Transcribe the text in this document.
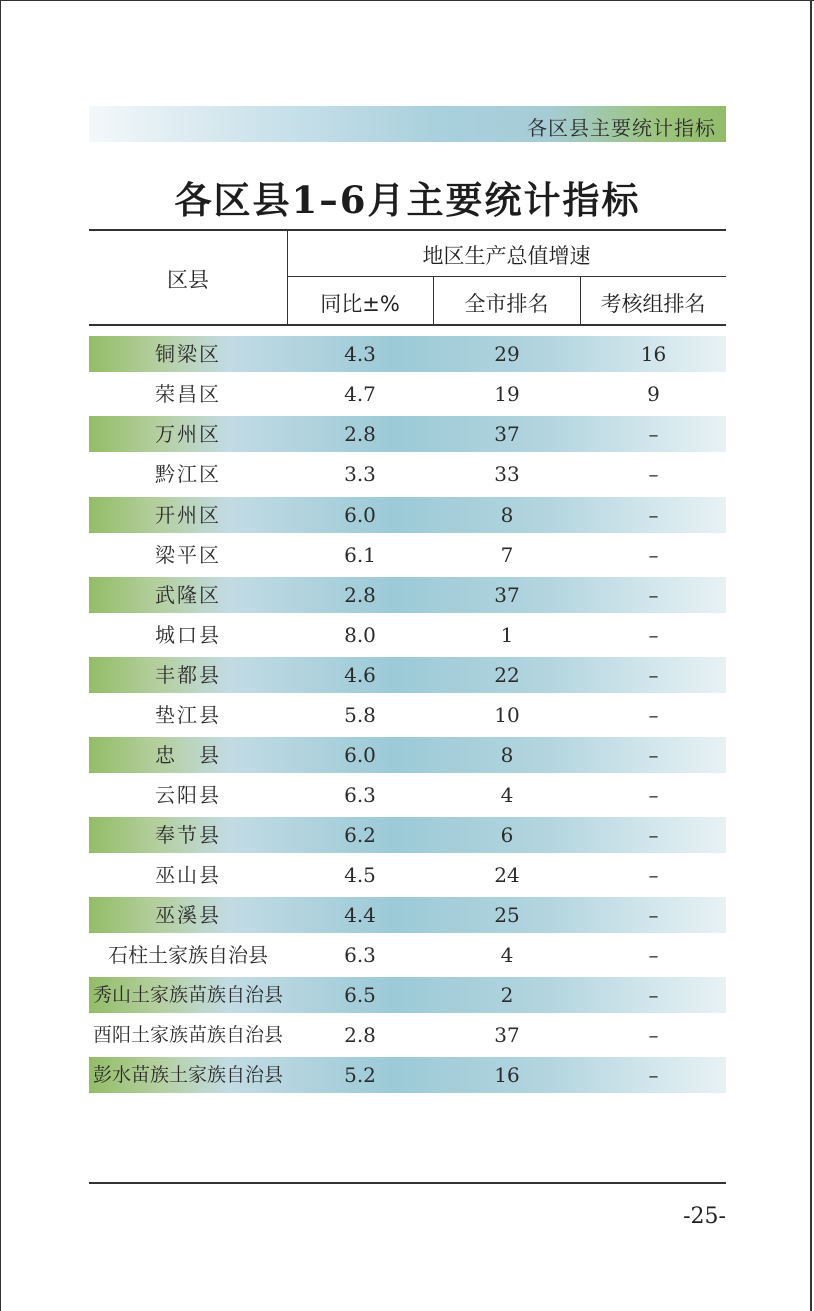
各区县主要统计指标
各区县1–6月主要统计指标
区县
地区生产总值增速
同比±%	全市排名	考核组排名
铜梁区	4.3	29	16
荣昌区	4.7	19	9
万州区	2.8	37	–
黔江区	3.3	33	–
开州区	6.0	8	–
梁平区	6.1	7	–
武隆区	2.8	37	–
城口县	8.0	1	–
丰都县	4.6	22	–
垫江县	5.8	10	–
忠　县	6.0	8	–
云阳县	6.3	4	–
奉节县	6.2	6	–
巫山县	4.5	24	–
巫溪县	4.4	25	–
石柱土家族自治县	6.3	4	–
秀山土家族苗族自治县	6.5	2	–
酉阳土家族苗族自治县	2.8	37	–
彭水苗族土家族自治县	5.2	16	–
-25-
